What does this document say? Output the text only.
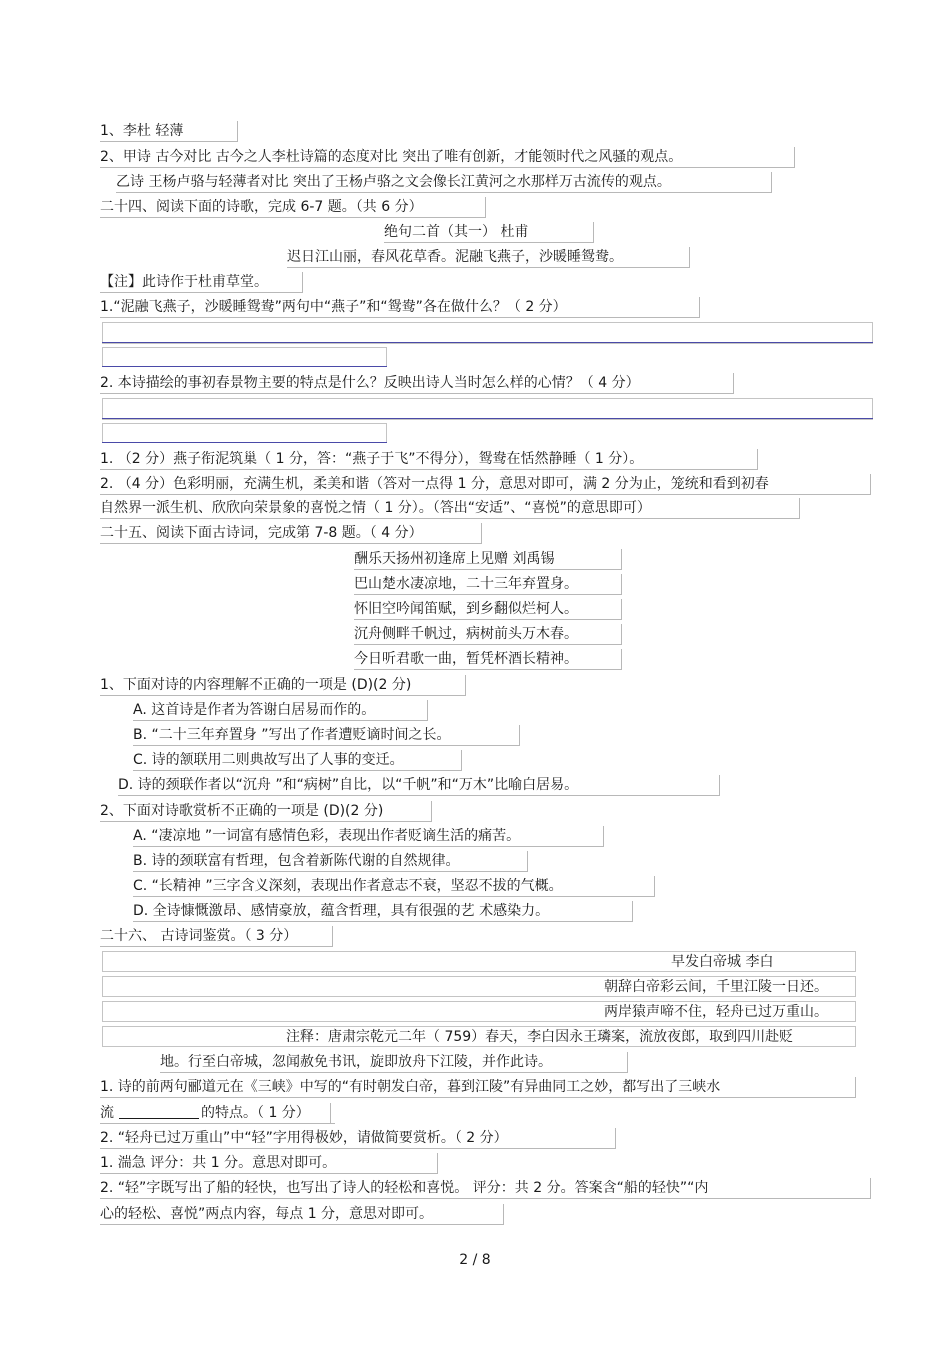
1、李杜 轻薄
2、甲诗 古今对比 古今之人李杜诗篇的态度对比 突出了唯有创新，才能领时代之风骚的观点。
乙诗 王杨卢骆与轻薄者对比 突出了王杨卢骆之文会像长江黄河之水那样万古流传的观点。
二十四、阅读下面的诗歌，完成 6-7 题。（共 6 分）
绝句二首（其一） 杜甫
迟日江山丽，春风花草香。泥融飞燕子，沙暖睡鸳鸯。
【注】此诗作于杜甫草堂。
1.“泥融飞燕子，沙暖睡鸳鸯”两句中“燕子”和“鸳鸯”各在做什么？（ 2 分）
2. 本诗描绘的事初春景物主要的特点是什么？反映出诗人当时怎么样的心情？（ 4 分）
1. （2 分）燕子衔泥筑巢（ 1 分，答：“燕子于飞”不得分），鸳鸯在恬然静睡（ 1 分）。
2. （4 分）色彩明丽，充满生机，柔美和谐（答对一点得 1 分，意思对即可，满 2 分为止，笼统和看到初春
自然界一派生机、欣欣向荣景象的喜悦之情（ 1 分）。（答出“安适”、“喜悦”的意思即可）
二十五、阅读下面古诗词，完成第 7-8 题。（ 4 分）
酬乐天扬州初逢席上见赠 刘禹锡
巴山楚水凄凉地，二十三年弃置身。
怀旧空吟闻笛赋，到乡翻似烂柯人。
沉舟侧畔千帆过，病树前头万木春。
今日听君歌一曲，暂凭杯酒长精神。
1、下面对诗的内容理解不正确的一项是 (D)(2 分)
A. 这首诗是作者为答谢白居易而作的。
B. “二十三年弃置身 ”写出了作者遭贬谪时间之长。
C. 诗的颔联用二则典故写出了人事的变迁。
D. 诗的颈联作者以“沉舟 ”和“病树”自比，以“千帆”和“万木”比喻白居易。
2、下面对诗歌赏析不正确的一项是 (D)(2 分)
A. “凄凉地 ”一词富有感情色彩，表现出作者贬谪生活的痛苦。
B. 诗的颈联富有哲理，包含着新陈代谢的自然规律。
C. “长精神 ”三字含义深刻，表现出作者意志不衰，坚忍不拔的气概。
D. 全诗慷慨激昂、感情豪放，蕴含哲理，具有很强的艺 术感染力。
二十六、 古诗词鉴赏。（ 3 分）
早发白帝城 李白
朝辞白帝彩云间，千里江陵一日还。
两岸猿声啼不住，轻舟已过万重山。
注释：唐肃宗乾元二年（ 759）春天，李白因永王璘案，流放夜郎，取到四川赴贬
地。行至白帝城，忽闻赦免书讯，旋即放舟下江陵，并作此诗。
1. 诗的前两句郦道元在《三峡》中写的“有时朝发白帝，暮到江陵”有异曲同工之妙，都写出了三峡水
流	的特点。（ 1 分）
2. “轻舟已过万重山”中“轻”字用得极妙，请做简要赏析。（ 2 分）
1. 湍急 评分：共 1 分。意思对即可。
2. “轻”字既写出了船的轻快，也写出了诗人的轻松和喜悦。 评分：共 2 分。答案含“船的轻快”“内
心的轻松、喜悦”两点内容，每点 1 分，意思对即可。
2 / 8
